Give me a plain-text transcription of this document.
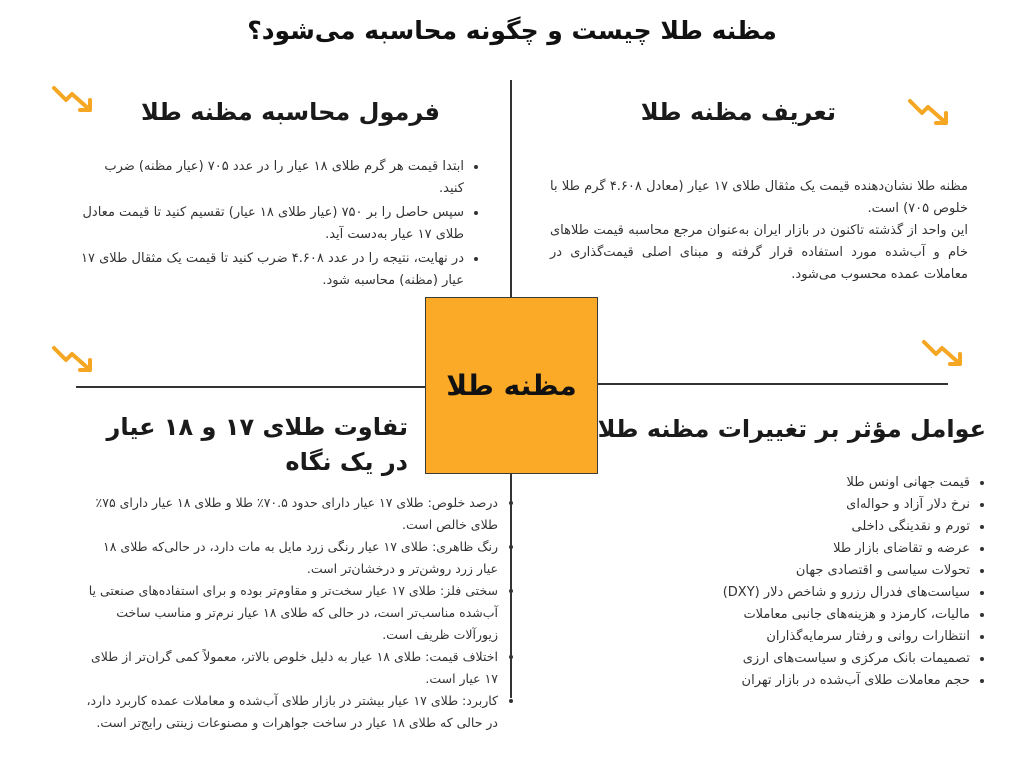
مظنه طلا چیست و چگونه محاسبه می‌شود؟
مظنه طلا
تعریف مظنه طلا

مظنه طلا نشان‌دهنده قیمت یک مثقال طلای ۱۷ عیار (معادل ۴.۶۰۸ گرم طلا با خلوص ۷۰۵) است.

این واحد از گذشته تاکنون در بازار ایران به‌عنوان مرجع محاسبه قیمت طلاهای خام و آب‌شده مورد استفاده قرار گرفته و مبنای اصلی قیمت‌گذاری در معاملات عمده محسوب می‌شود.

فرمول محاسبه مظنه طلا
• ابتدا قیمت هر گرم طلای ۱۸ عیار را در عدد ۷۰۵ (عیار مظنه) ضرب کنید.
• سپس حاصل را بر ۷۵۰ (عیار طلای ۱۸ عیار) تقسیم کنید تا قیمت معادل طلای ۱۷ عیار به‌دست آید.
• در نهایت، نتیجه را در عدد ۴.۶۰۸ ضرب کنید تا قیمت یک مثقال طلای ۱۷ عیار (مظنه) محاسبه شود.
عوامل مؤثر بر تغییرات مظنه طلا
• قیمت جهانی اونس طلا
• نرخ دلار آزاد و حواله‌ای
• تورم و نقدینگی داخلی
• عرضه و تقاضای بازار طلا
• تحولات سیاسی و اقتصادی جهان
• سیاست‌های فدرال رزرو و شاخص دلار (DXY)
• مالیات، کارمزد و هزینه‌های جانبی معاملات
• انتظارات روانی و رفتار سرمایه‌گذاران
• تصمیمات بانک مرکزی و سیاست‌های ارزی
• حجم معاملات طلای آب‌شده در بازار تهران
تفاوت طلای ۱۷ و ۱۸ عیار در یک نگاه
• درصد خلوص: طلای ۱۷ عیار دارای حدود ۷۰.۵٪ طلا و طلای ۱۸ عیار دارای ۷۵٪ طلای خالص است.
• رنگ ظاهری: طلای ۱۷ عیار رنگی زرد مایل به مات دارد، در حالی‌که طلای ۱۸ عیار زرد روشن‌تر و درخشان‌تر است.
• سختی فلز: طلای ۱۷ عیار سخت‌تر و مقاوم‌تر بوده و برای استفاده‌های صنعتی یا آب‌شده مناسب‌تر است، در حالی که طلای ۱۸ عیار نرم‌تر و مناسب ساخت زیورآلات ظریف است.
• اختلاف قیمت: طلای ۱۸ عیار به دلیل خلوص بالاتر، معمولاً کمی گران‌تر از طلای ۱۷ عیار است.
• کاربرد: طلای ۱۷ عیار بیشتر در بازار طلای آب‌شده و معاملات عمده کاربرد دارد، در حالی که طلای ۱۸ عیار در ساخت جواهرات و مصنوعات زینتی رایج‌تر است.
